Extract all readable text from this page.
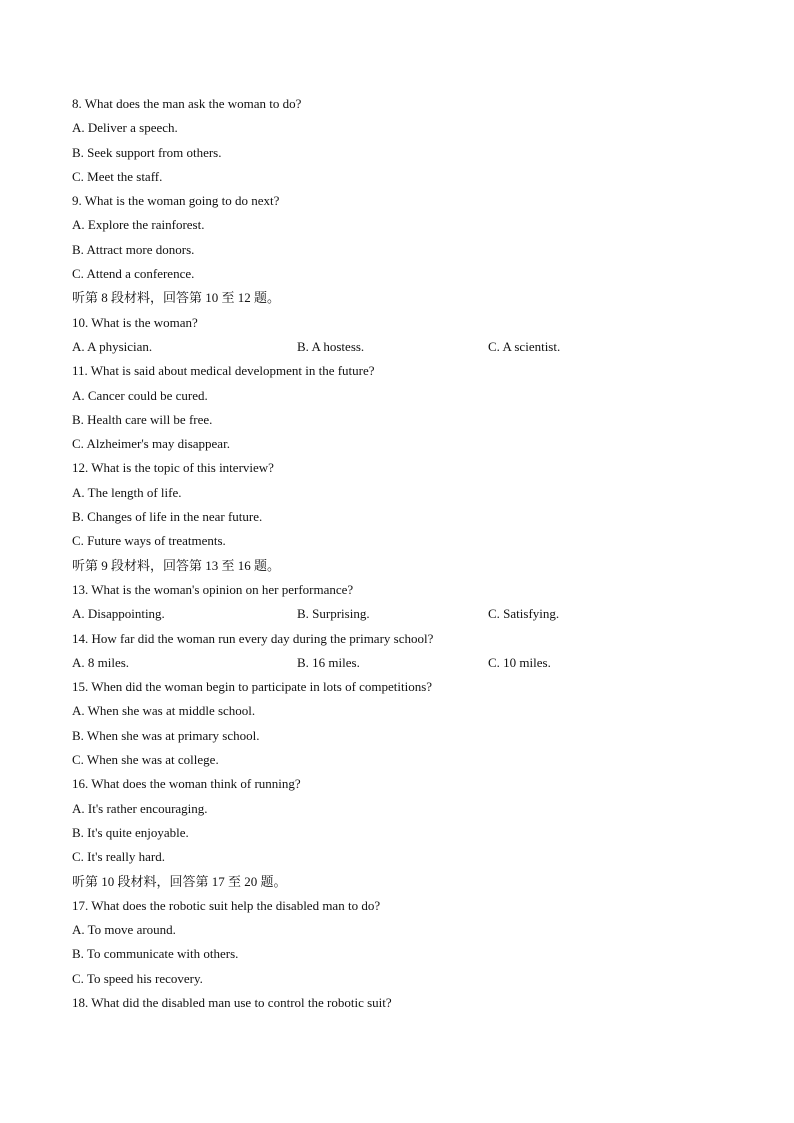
8. What does the man ask the woman to do?
A. Deliver a speech.
B. Seek support from others.
C. Meet the staff.
9. What is the woman going to do next?
A. Explore the rainforest.
B. Attract more donors.
C. Attend a conference.
听第 8 段材料，回答第 10 至 12 题。
10. What is the woman?
A. A physician.	B. A hostess.	C. A scientist.
11. What is said about medical development in the future?
A. Cancer could be cured.
B. Health care will be free.
C. Alzheimer's may disappear.
12. What is the topic of this interview?
A. The length of life.
B. Changes of life in the near future.
C. Future ways of treatments.
听第 9 段材料，回答第 13 至 16 题。
13. What is the woman's opinion on her performance?
A. Disappointing.	B. Surprising.	C. Satisfying.
14. How far did the woman run every day during the primary school?
A. 8 miles.	B. 16 miles.	C. 10 miles.
15. When did the woman begin to participate in lots of competitions?
A. When she was at middle school.
B. When she was at primary school.
C. When she was at college.
16. What does the woman think of running?
A. It's rather encouraging.
B. It's quite enjoyable.
C. It's really hard.
听第 10 段材料，回答第 17 至 20 题。
17. What does the robotic suit help the disabled man to do?
A. To move around.
B. To communicate with others.
C. To speed his recovery.
18. What did the disabled man use to control the robotic suit?
